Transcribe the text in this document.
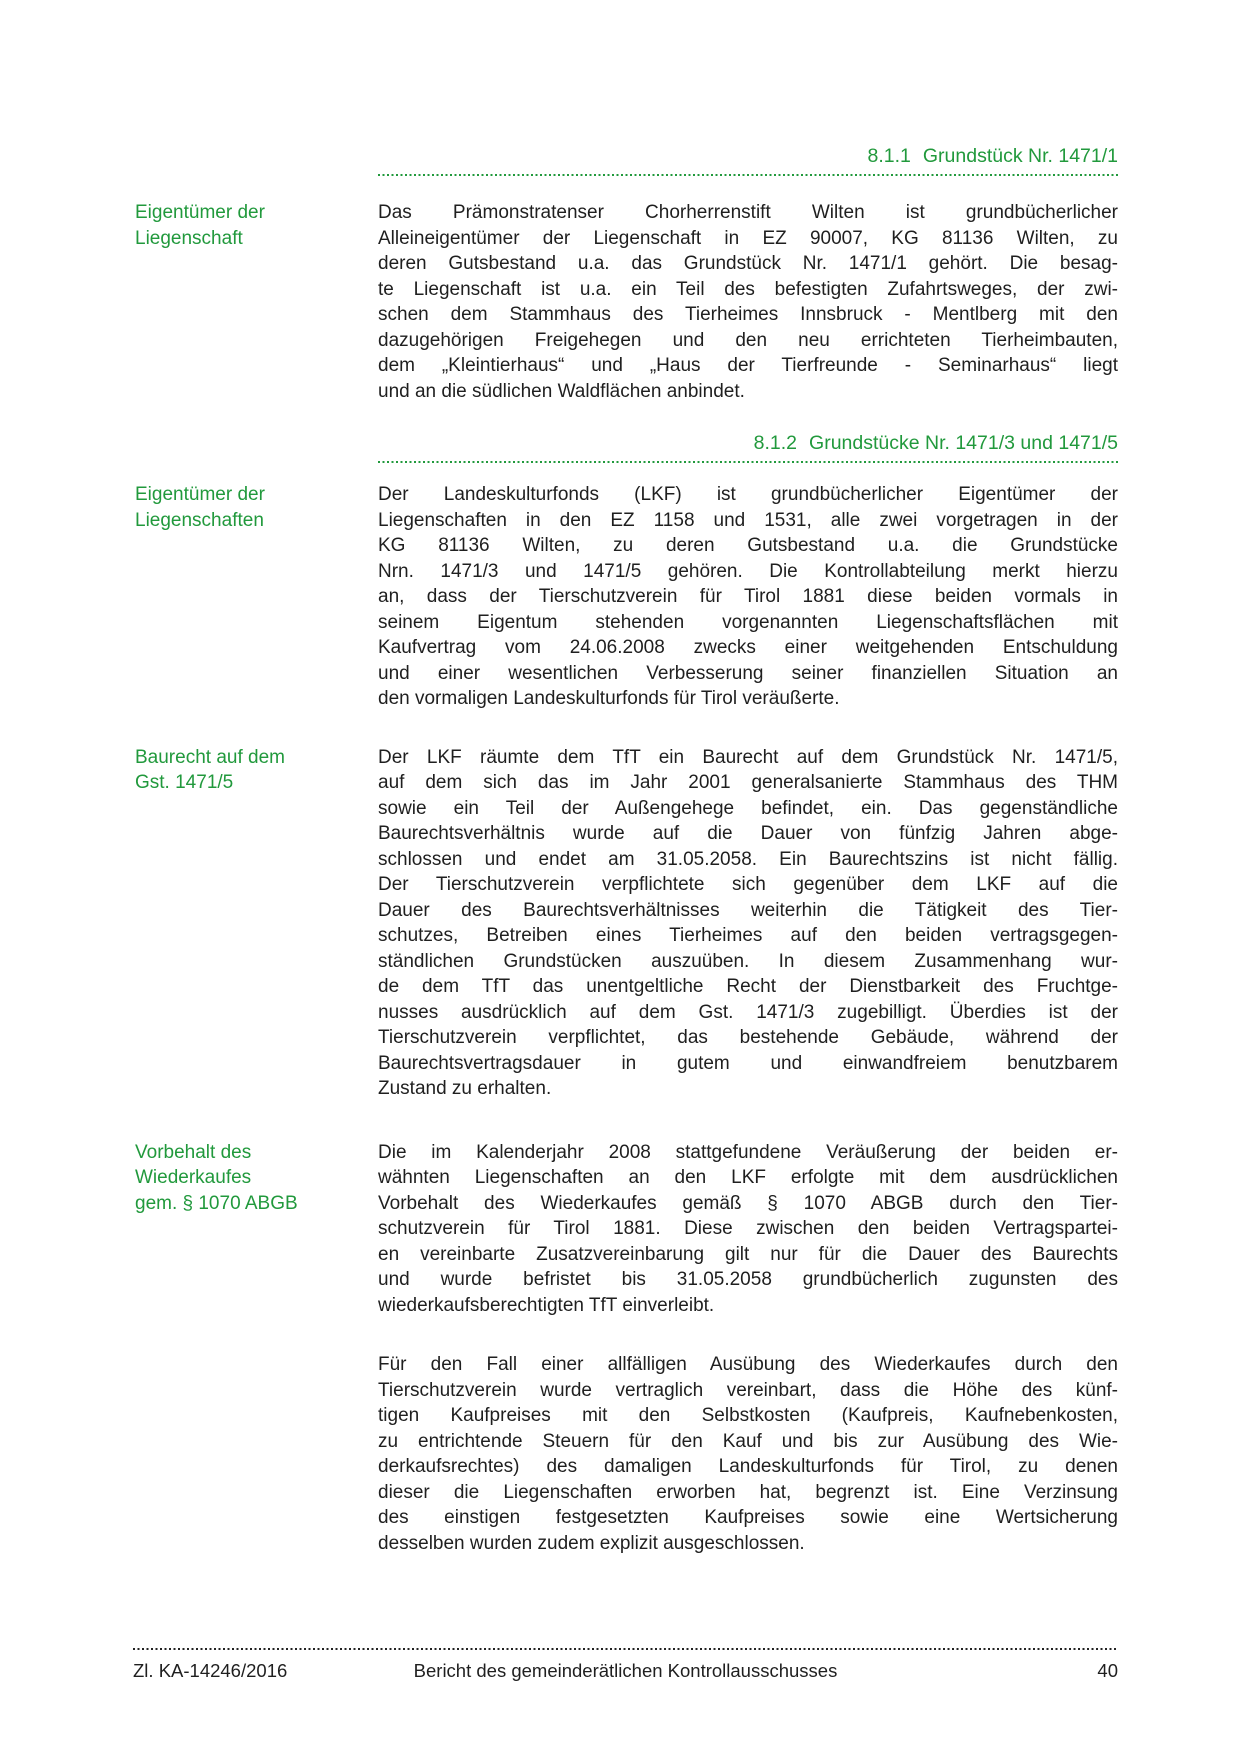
8.1.1 Grundstück Nr. 1471/1
Eigentümer der
Liegenschaft
Das Prämonstratenser Chorherrenstift Wilten ist grundbücherlicher
Alleineigentümer der Liegenschaft in EZ 90007, KG 81136 Wilten, zu
deren Gutsbestand u.a. das Grundstück Nr. 1471/1 gehört. Die besag-
te Liegenschaft ist u.a. ein Teil des befestigten Zufahrtsweges, der zwi-
schen dem Stammhaus des Tierheimes Innsbruck - Mentlberg mit den
dazugehörigen Freigehegen und den neu errichteten Tierheimbauten,
dem „Kleintierhaus“ und „Haus der Tierfreunde - Seminarhaus“ liegt
und an die südlichen Waldflächen anbindet.
8.1.2 Grundstücke Nr. 1471/3 und 1471/5
Eigentümer der
Liegenschaften
Der Landeskulturfonds (LKF) ist grundbücherlicher Eigentümer der
Liegenschaften in den EZ 1158 und 1531, alle zwei vorgetragen in der
KG 81136 Wilten, zu deren Gutsbestand u.a. die Grundstücke
Nrn. 1471/3 und 1471/5 gehören. Die Kontrollabteilung merkt hierzu
an, dass der Tierschutzverein für Tirol 1881 diese beiden vormals in
seinem Eigentum stehenden vorgenannten Liegenschaftsflächen mit
Kaufvertrag vom 24.06.2008 zwecks einer weitgehenden Entschuldung
und einer wesentlichen Verbesserung seiner finanziellen Situation an
den vormaligen Landeskulturfonds für Tirol veräußerte.
Baurecht auf dem
Gst. 1471/5
Der LKF räumte dem TfT ein Baurecht auf dem Grundstück Nr. 1471/5,
auf dem sich das im Jahr 2001 generalsanierte Stammhaus des THM
sowie ein Teil der Außengehege befindet, ein. Das gegenständliche
Baurechtsverhältnis wurde auf die Dauer von fünfzig Jahren abge-
schlossen und endet am 31.05.2058. Ein Baurechtszins ist nicht fällig.
Der Tierschutzverein verpflichtete sich gegenüber dem LKF auf die
Dauer des Baurechtsverhältnisses weiterhin die Tätigkeit des Tier-
schutzes, Betreiben eines Tierheimes auf den beiden vertragsgegen-
ständlichen Grundstücken auszuüben. In diesem Zusammenhang wur-
de dem TfT das unentgeltliche Recht der Dienstbarkeit des Fruchtge-
nusses ausdrücklich auf dem Gst. 1471/3 zugebilligt. Überdies ist der
Tierschutzverein verpflichtet, das bestehende Gebäude, während der
Baurechtsvertragsdauer in gutem und einwandfreiem benutzbarem
Zustand zu erhalten.
Vorbehalt des
Wiederkaufes
gem. § 1070 ABGB
Die im Kalenderjahr 2008 stattgefundene Veräußerung der beiden er-
wähnten Liegenschaften an den LKF erfolgte mit dem ausdrücklichen
Vorbehalt des Wiederkaufes gemäß § 1070 ABGB durch den Tier-
schutzverein für Tirol 1881. Diese zwischen den beiden Vertragspartei-
en vereinbarte Zusatzvereinbarung gilt nur für die Dauer des Baurechts
und wurde befristet bis 31.05.2058 grundbücherlich zugunsten des
wiederkaufsberechtigten TfT einverleibt.
Für den Fall einer allfälligen Ausübung des Wiederkaufes durch den
Tierschutzverein wurde vertraglich vereinbart, dass die Höhe des künf-
tigen Kaufpreises mit den Selbstkosten (Kaufpreis, Kaufnebenkosten,
zu entrichtende Steuern für den Kauf und bis zur Ausübung des Wie-
derkaufsrechtes) des damaligen Landeskulturfonds für Tirol, zu denen
dieser die Liegenschaften erworben hat, begrenzt ist. Eine Verzinsung
des einstigen festgesetzten Kaufpreises sowie eine Wertsicherung
desselben wurden zudem explizit ausgeschlossen.
Zl. KA-14246/2016	Bericht des gemeinderätlichen Kontrollausschusses	40
